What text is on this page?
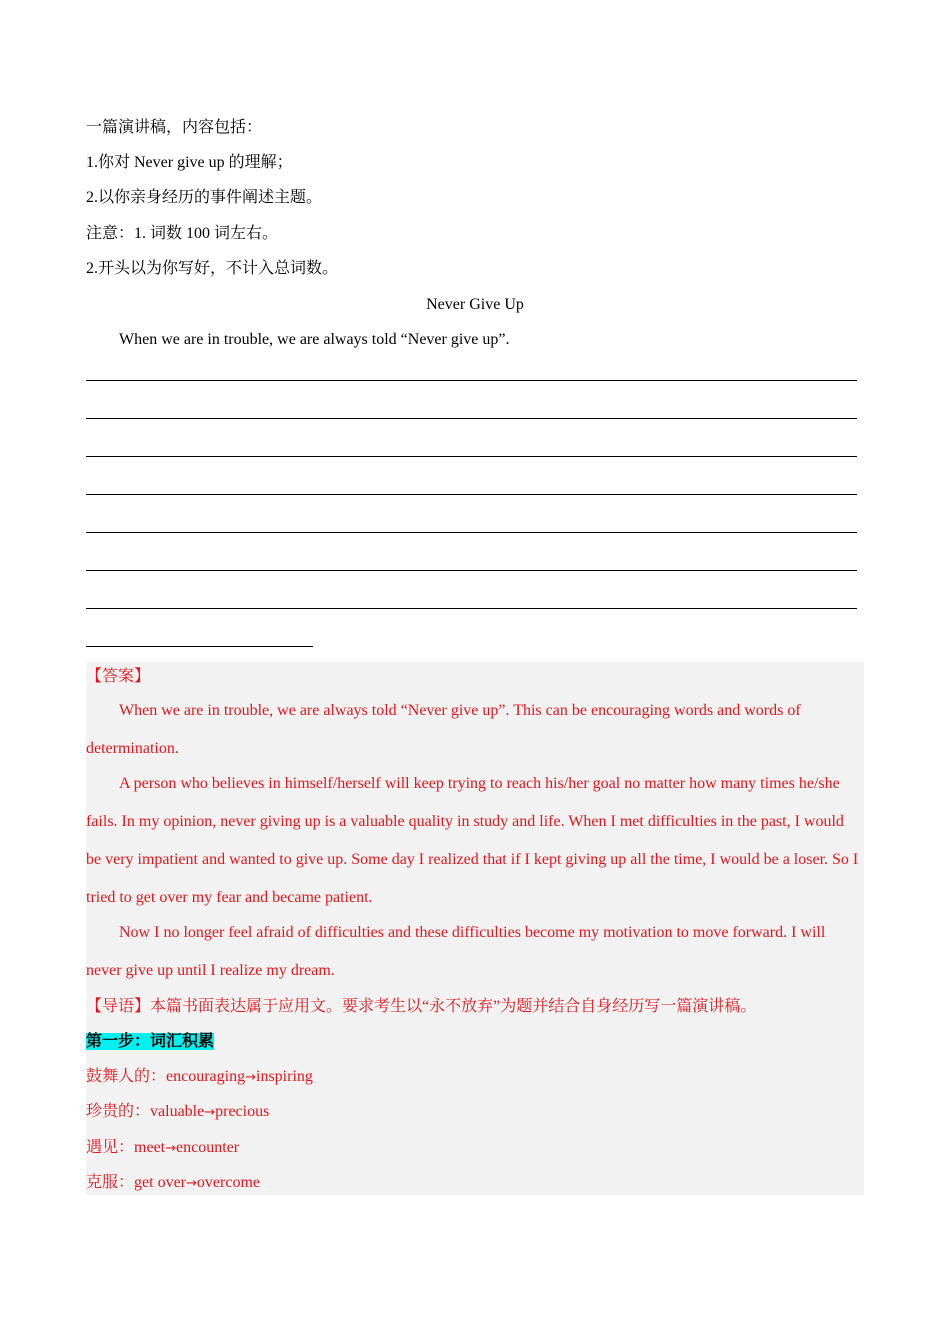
一篇演讲稿，内容包括：
1.你对 Never give up 的理解；
2.以你亲身经历的事件阐述主题。
注意：1. 词数 100 词左右。
2.开头以为你写好，不计入总词数。
Never Give Up
When we are in trouble, we are always told “Never give up”.
【答案】
When we are in trouble, we are always told “Never give up”. This can be encouraging words and words of determination.
A person who believes in himself/herself will keep trying to reach his/her goal no matter how many times he/she fails. In my opinion, never giving up is a valuable quality in study and life. When I met difficulties in the past, I would be very impatient and wanted to give up. Some day I realized that if I kept giving up all the time, I would be a loser. So I tried to get over my fear and became patient.
Now I no longer feel afraid of difficulties and these difficulties become my motivation to move forward. I will never give up until I realize my dream.
【导语】本篇书面表达属于应用文。要求考生以“永不放弃”为题并结合自身经历写一篇演讲稿。
第一步：词汇积累
鼓舞人的：encouraging→inspiring
珍贵的：valuable→precious
遇见：meet→encounter
克服：get over→overcome
